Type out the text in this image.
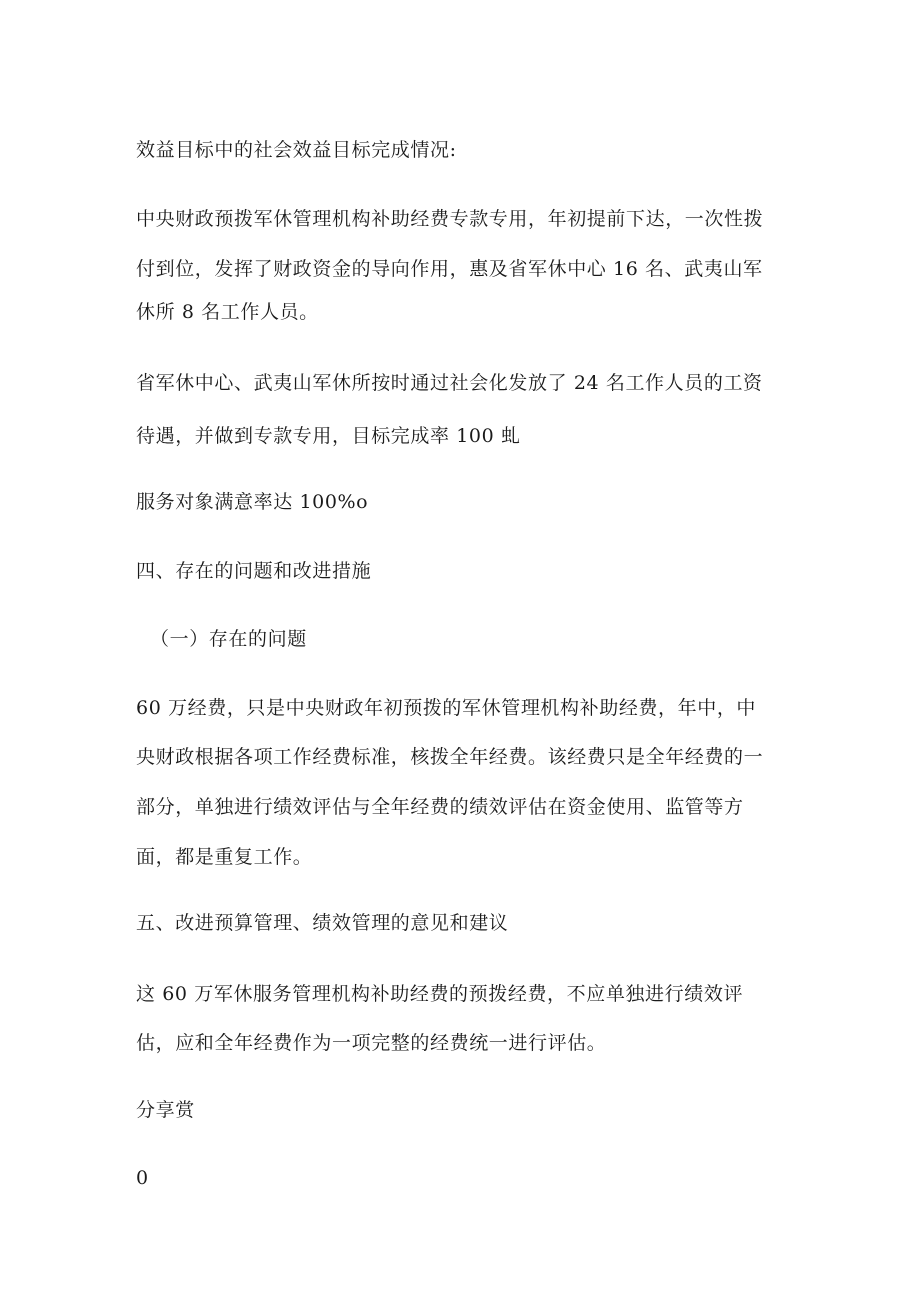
效益目标中的社会效益目标完成情况:
中央财政预拨军休管理机构补助经费专款专用，年初提前下达，一次性拨
付到位，发挥了财政资金的导向作用，惠及省军休中心 16 名、武夷山军
休所 8 名工作人员。
省军休中心、武夷山军休所按时通过社会化发放了 24 名工作人员的工资
待遇，并做到专款专用，目标完成率 100 虬
服务对象满意率达 100%o
四、存在的问题和改进措施
（一）存在的问题
60 万经费，只是中央财政年初预拨的军休管理机构补助经费，年中，中
央财政根据各项工作经费标准，核拨全年经费。该经费只是全年经费的一
部分，单独进行绩效评估与全年经费的绩效评估在资金使用、监管等方
面，都是重复工作。
五、改进预算管理、绩效管理的意见和建议
这 60 万军休服务管理机构补助经费的预拨经费，不应单独进行绩效评
估，应和全年经费作为一项完整的经费统一进行评估。
分享赏
0
